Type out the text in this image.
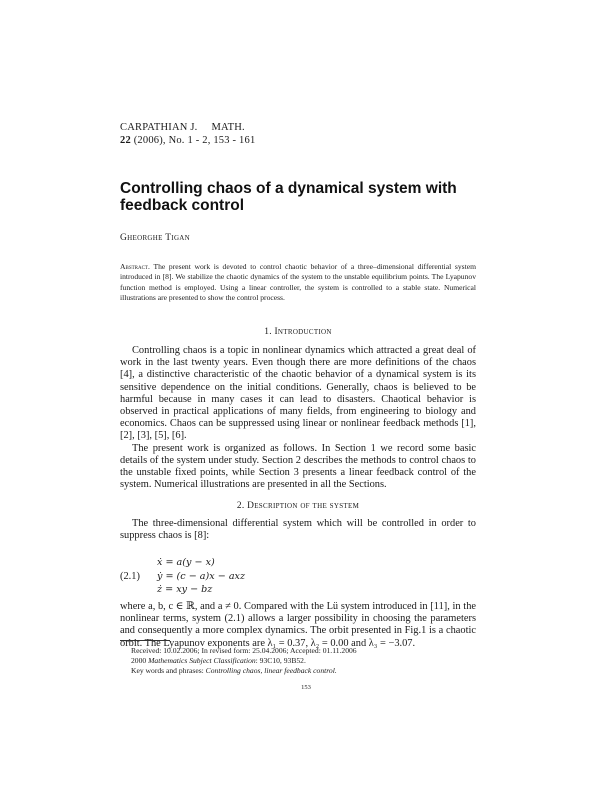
CARPATHIAN J. MATH.
22 (2006), No. 1 - 2, 153 - 161
Controlling chaos of a dynamical system with feedback control
Gheorghe Tigan
Abstract. The present work is devoted to control chaotic behavior of a three–dimensional differential system introduced in [8]. We stabilize the chaotic dynamics of the system to the unstable equilibrium points. The Lyapunov function method is employed. Using a linear controller, the system is controlled to a stable state. Numerical illustrations are presented to show the control process.
1. Introduction

Controlling chaos is a topic in nonlinear dynamics which attracted a great deal of work in the last twenty years. Even though there are more definitions of the chaos [4], a distinctive characteristic of the chaotic behavior of a dynamical system is its sensitive dependence on the initial conditions. Generally, chaos is believed to be harmful because in many cases it can lead to disasters. Chaotical behavior is observed in practical applications of many fields, from engineering to biology and economics. Chaos can be suppressed using linear or nonlinear feedback methods [1], [2], [3], [5], [6].

The present work is organized as follows. In Section 1 we record some basic details of the system under study. Section 2 describes the methods to control chaos to the unstable fixed points, while Section 3 presents a linear feedback control of the system. Numerical illustrations are presented in all the Sections.

2. Description of the system

The three-dimensional differential system which will be controlled in order to suppress chaos is [8]:

(2.1)
ẋ = a(y − x)
ẏ = (c − a)x − axz
ż = xy − bz

where a, b, c ∈ ℝ, and a ≠ 0. Compared with the Lü system introduced in [11], in the nonlinear terms, system (2.1) allows a larger possibility in choosing the parameters and consequently a more complex dynamics. The orbit presented in Fig.1 is a chaotic orbit. The Lyapunov exponents are λ₁ = 0.37, λ₂ = 0.00 and λ₃ = −3.07.

Received: 10.02.2006; In revised form: 25.04.2006; Accepted: 01.11.2006
2000 Mathematics Subject Classification: 93C10, 93B52.
Key words and phrases: Controlling chaos, linear feedback control.
153
